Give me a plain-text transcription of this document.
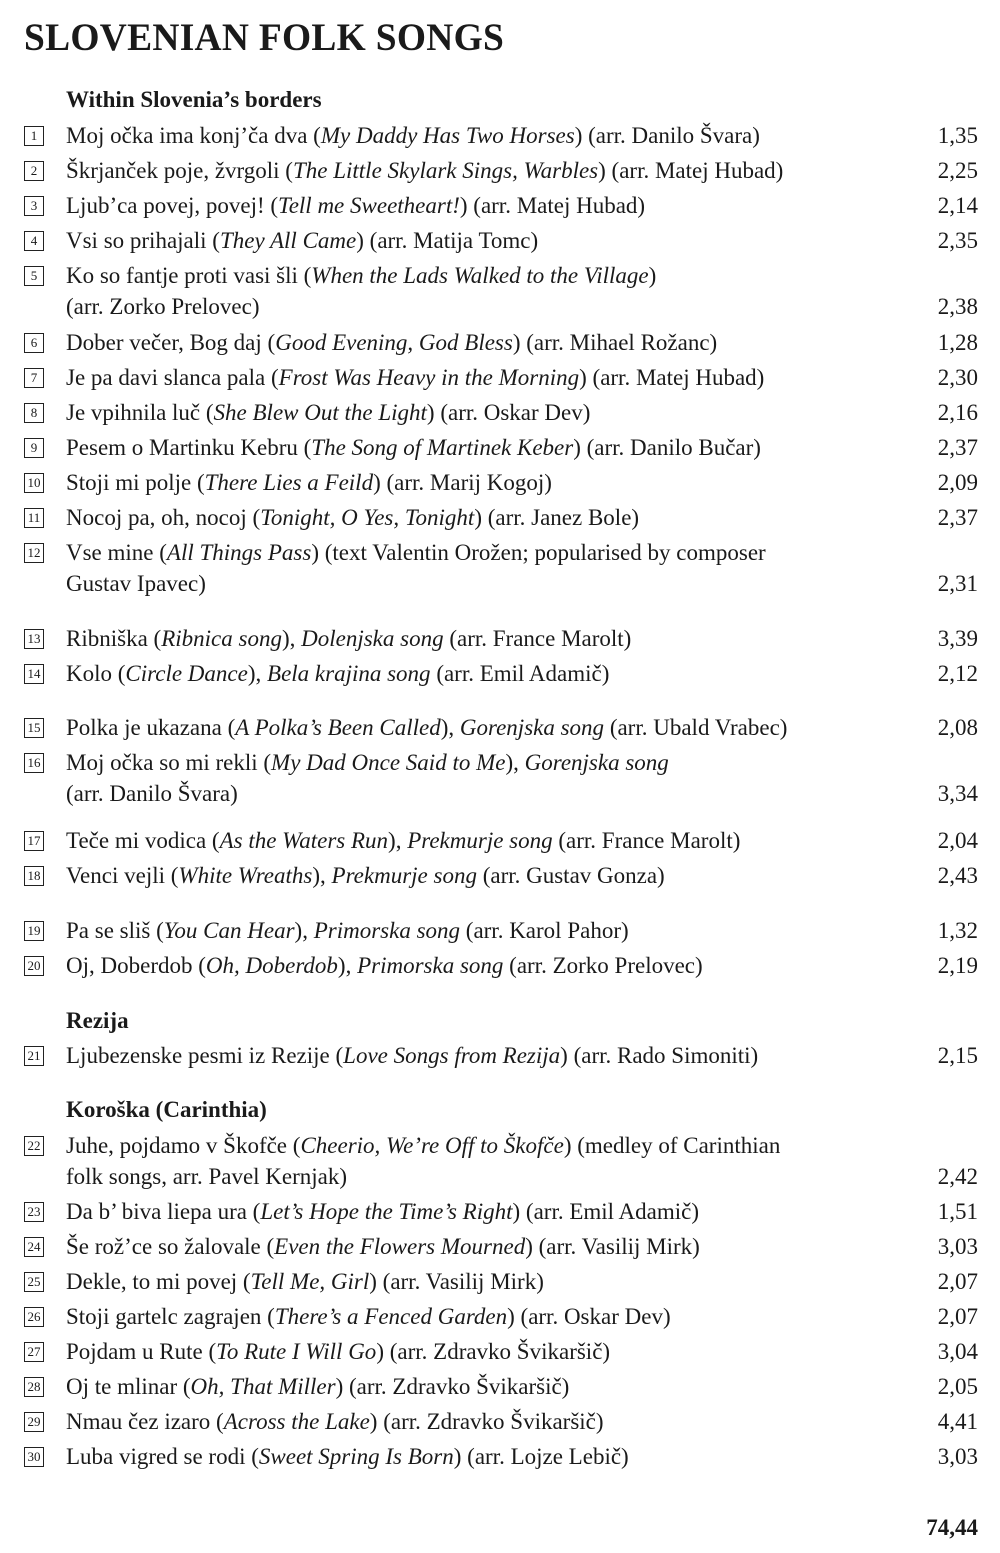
SLOVENIAN FOLK SONGS
Within Slovenia’s borders
Rezija
Koroška (Carinthia)
1 Moj očka ima konj’ča dva (My Daddy Has Two Horses) (arr. Danilo Švara)	1,35
2 Škrjanček poje, žvrgoli (The Little Skylark Sings, Warbles) (arr. Matej Hubad)	2,25
3 Ljub’ca povej, povej! (Tell me Sweetheart!) (arr. Matej Hubad)	2,14
4 Vsi so prihajali (They All Came) (arr. Matija Tomc)	2,35
5 Ko so fantje proti vasi šli (When the Lads Walked to the Village)
(arr. Zorko Prelovec)	2,38
6 Dober večer, Bog daj (Good Evening, God Bless) (arr. Mihael Rožanc)	1,28
7 Je pa davi slanca pala (Frost Was Heavy in the Morning) (arr. Matej Hubad)	2,30
8 Je vpihnila luč (She Blew Out the Light) (arr. Oskar Dev)	2,16
9 Pesem o Martinku Kebru (The Song of Martinek Keber) (arr. Danilo Bučar)	2,37
10 Stoji mi polje (There Lies a Feild) (arr. Marij Kogoj)	2,09
11 Nocoj pa, oh, nocoj (Tonight, O Yes, Tonight) (arr. Janez Bole)	2,37
12 Vse mine (All Things Pass) (text Valentin Orožen; popularised by composer
Gustav Ipavec)	2,31
13 Ribniška (Ribnica song), Dolenjska song (arr. France Marolt)	3,39
14 Kolo (Circle Dance), Bela krajina song (arr. Emil Adamič)	2,12
15 Polka je ukazana (A Polka’s Been Called), Gorenjska song (arr. Ubald Vrabec)	2,08
16 Moj očka so mi rekli (My Dad Once Said to Me), Gorenjska song
(arr. Danilo Švara)	3,34
17 Teče mi vodica (As the Waters Run), Prekmurje song (arr. France Marolt)	2,04
18 Venci vejli (White Wreaths), Prekmurje song (arr. Gustav Gonza)	2,43
19 Pa se sliš (You Can Hear), Primorska song (arr. Karol Pahor)	1,32
20 Oj, Doberdob (Oh, Doberdob), Primorska song (arr. Zorko Prelovec)	2,19
21 Ljubezenske pesmi iz Rezije (Love Songs from Rezija) (arr. Rado Simoniti)	2,15
22 Juhe, pojdamo v Škofče (Cheerio, We’re Off to Škofče) (medley of Carinthian
folk songs, arr. Pavel Kernjak)	2,42
23 Da b’ biva liepa ura (Let’s Hope the Time’s Right) (arr. Emil Adamič)	1,51
24 Še rož’ce so žalovale (Even the Flowers Mourned) (arr. Vasilij Mirk)	3,03
25 Dekle, to mi povej (Tell Me, Girl) (arr. Vasilij Mirk)	2,07
26 Stoji gartelc zagrajen (There’s a Fenced Garden) (arr. Oskar Dev)	2,07
27 Pojdam u Rute (To Rute I Will Go) (arr. Zdravko Švikaršič)	3,04
28 Oj te mlinar (Oh, That Miller) (arr. Zdravko Švikaršič)	2,05
29 Nmau čez izaro (Across the Lake) (arr. Zdravko Švikaršič)	4,41
30 Luba vigred se rodi (Sweet Spring Is Born) (arr. Lojze Lebič)	3,03
74,44
